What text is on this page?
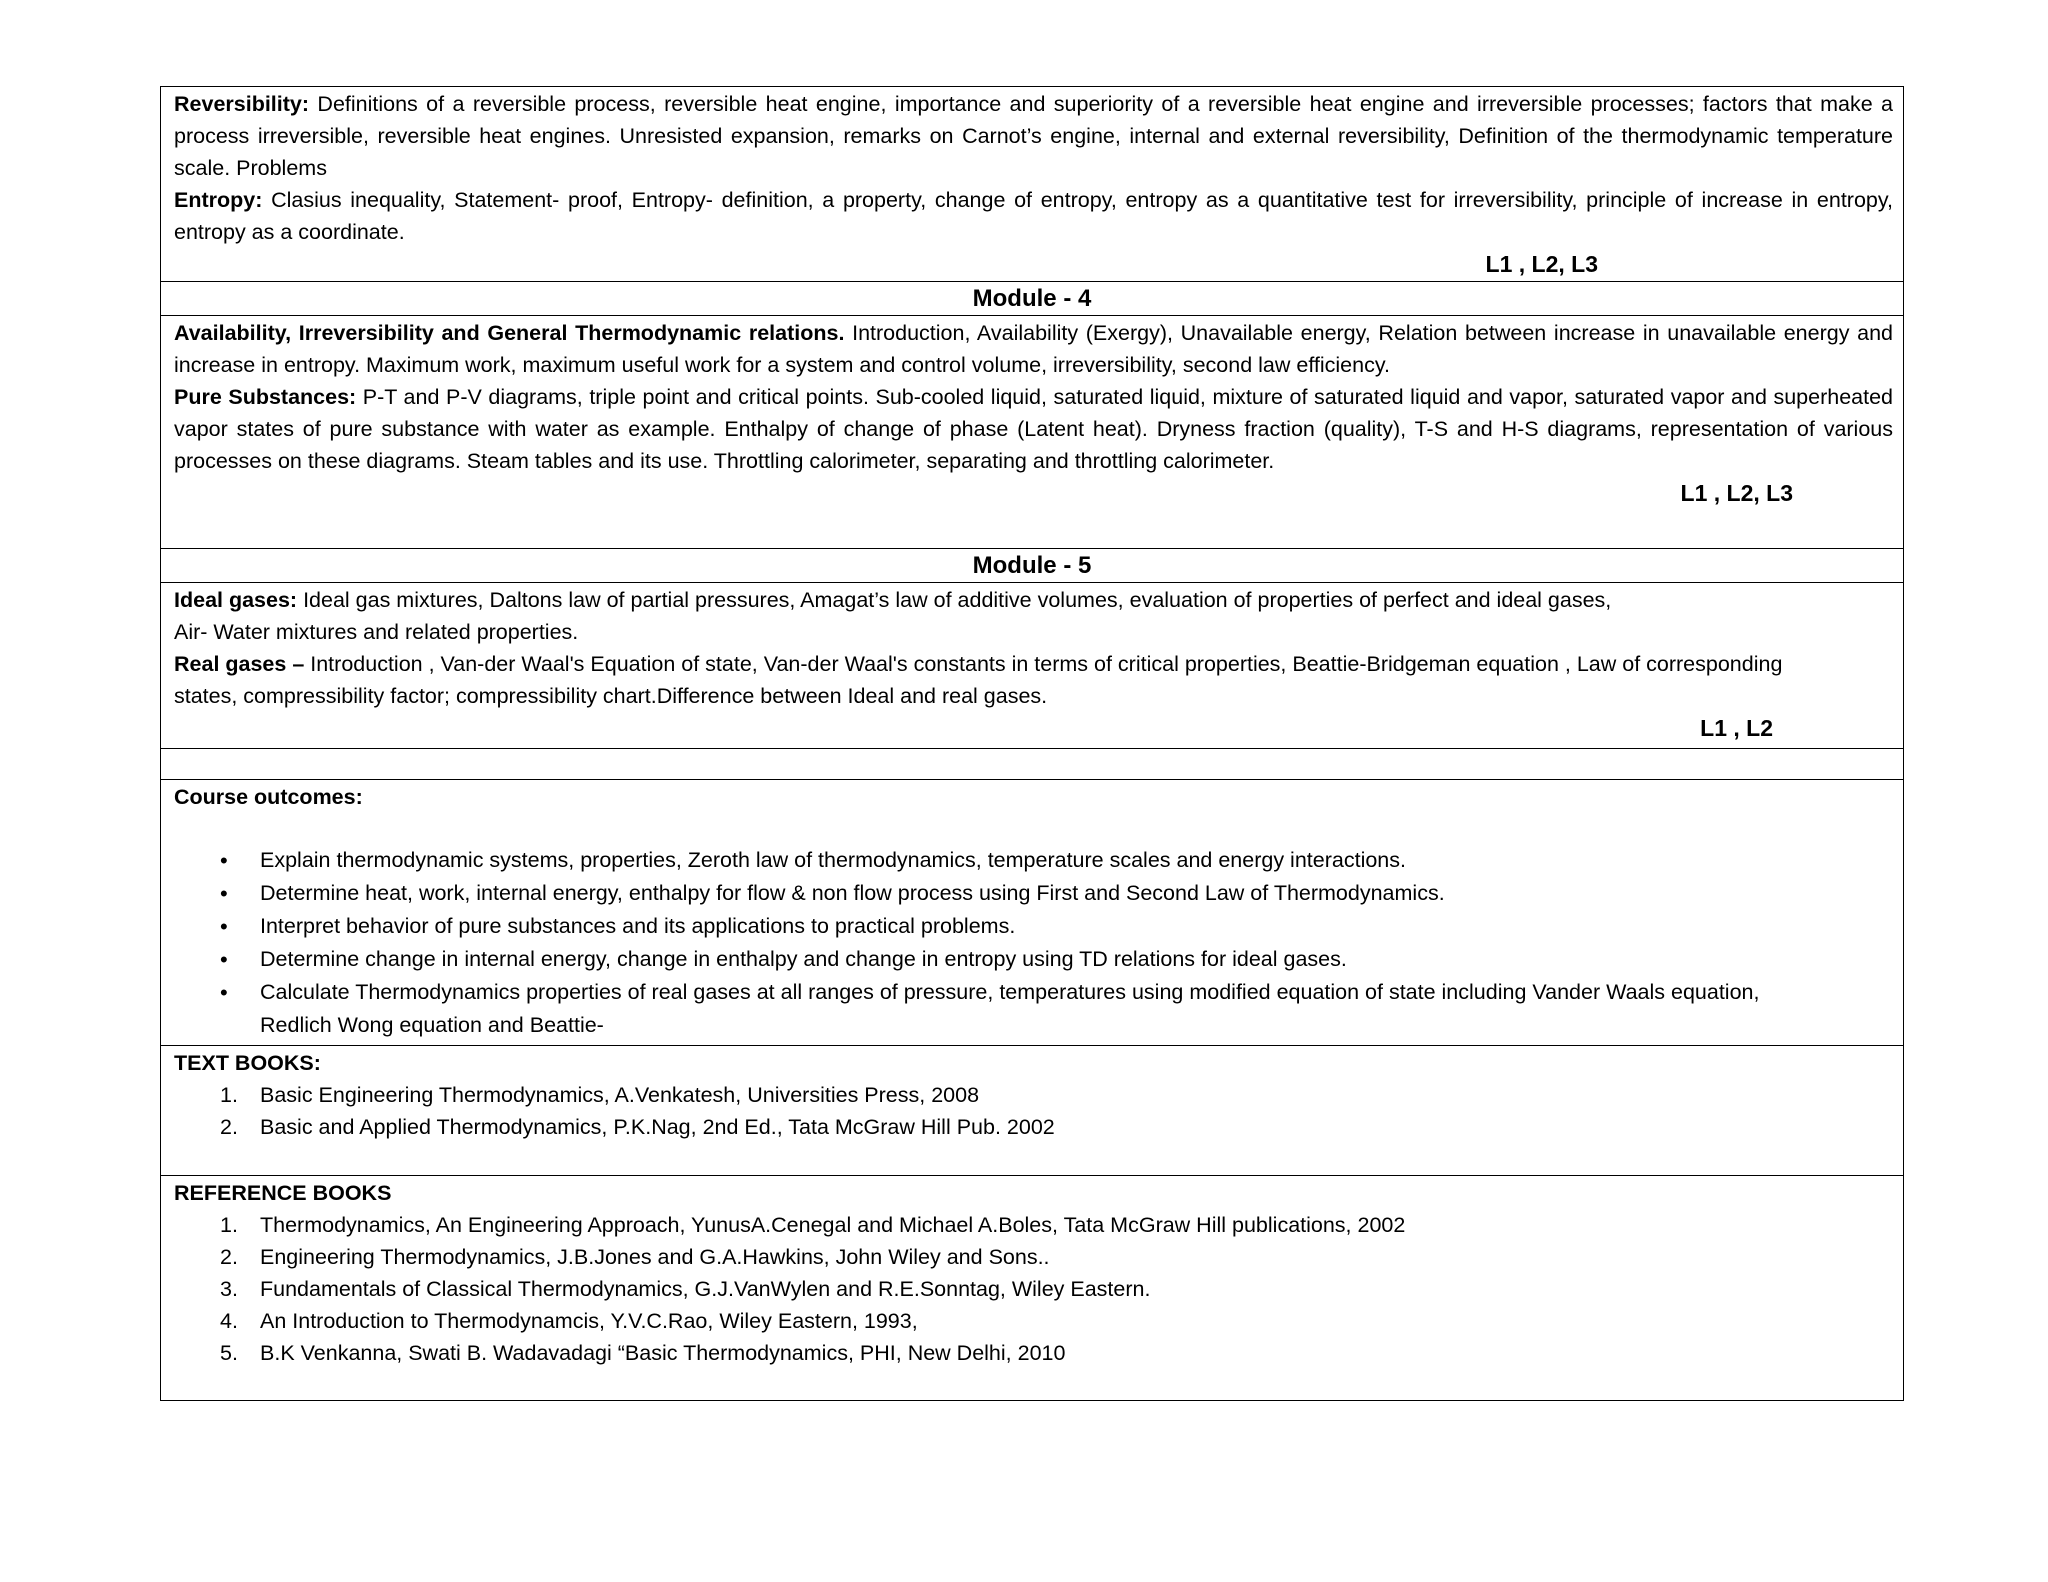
Reversibility: Definitions of a reversible process, reversible heat engine, importance and superiority of a reversible heat engine and irreversible processes; factors that make a process irreversible, reversible heat engines. Unresisted expansion, remarks on Carnot’s engine, internal and external reversibility, Definition of the thermodynamic temperature scale. Problems

Entropy: Clasius inequality, Statement- proof, Entropy- definition, a property, change of entropy, entropy as a quantitative test for irreversibility, principle of increase in entropy, entropy as a coordinate.

L1 , L2, L3
Module - 4

Availability, Irreversibility and General Thermodynamic relations. Introduction, Availability (Exergy), Unavailable energy, Relation between increase in unavailable energy and increase in entropy. Maximum work, maximum useful work for a system and control volume, irreversibility, second law efficiency.

Pure Substances: P-T and P-V diagrams, triple point and critical points. Sub-cooled liquid, saturated liquid, mixture of saturated liquid and vapor, saturated vapor and superheated vapor states of pure substance with water as example. Enthalpy of change of phase (Latent heat). Dryness fraction (quality), T-S and H-S diagrams, representation of various processes on these diagrams. Steam tables and its use. Throttling calorimeter, separating and throttling calorimeter.

L1 , L2, L3
Module - 5

Ideal gases: Ideal gas mixtures, Daltons law of partial pressures, Amagat’s law of additive volumes, evaluation of properties of perfect and ideal gases,

Air- Water mixtures and related properties.

Real gases – Introduction , Van-der Waal's Equation of state, Van-der Waal's constants in terms of critical properties, Beattie-Bridgeman equation , Law of corresponding states, compressibility factor; compressibility chart.Difference between Ideal and real gases.

L1 , L2

Course outcomes:

• Explain thermodynamic systems, properties, Zeroth law of thermodynamics, temperature scales and energy interactions.
• Determine heat, work, internal energy, enthalpy for flow & non flow process using First and Second Law of Thermodynamics.
• Interpret behavior of pure substances and its applications to practical problems.
• Determine change in internal energy, change in enthalpy and change in entropy using TD relations for ideal gases.
• Calculate Thermodynamics properties of real gases at all ranges of pressure, temperatures using modified equation of state including Vander Waals equation, Redlich Wong equation and Beattie-

TEXT BOOKS:

1. Basic Engineering Thermodynamics, A.Venkatesh, Universities Press, 2008
2. Basic and Applied Thermodynamics, P.K.Nag, 2nd Ed., Tata McGraw Hill Pub. 2002

REFERENCE BOOKS

1. Thermodynamics, An Engineering Approach, YunusA.Cenegal and Michael A.Boles, Tata McGraw Hill publications, 2002
2. Engineering Thermodynamics, J.B.Jones and G.A.Hawkins, John Wiley and Sons..
3. Fundamentals of Classical Thermodynamics, G.J.VanWylen and R.E.Sonntag, Wiley Eastern.
4. An Introduction to Thermodynamcis, Y.V.C.Rao, Wiley Eastern, 1993,
5. B.K Venkanna, Swati B. Wadavadagi “Basic Thermodynamics, PHI, New Delhi, 2010
